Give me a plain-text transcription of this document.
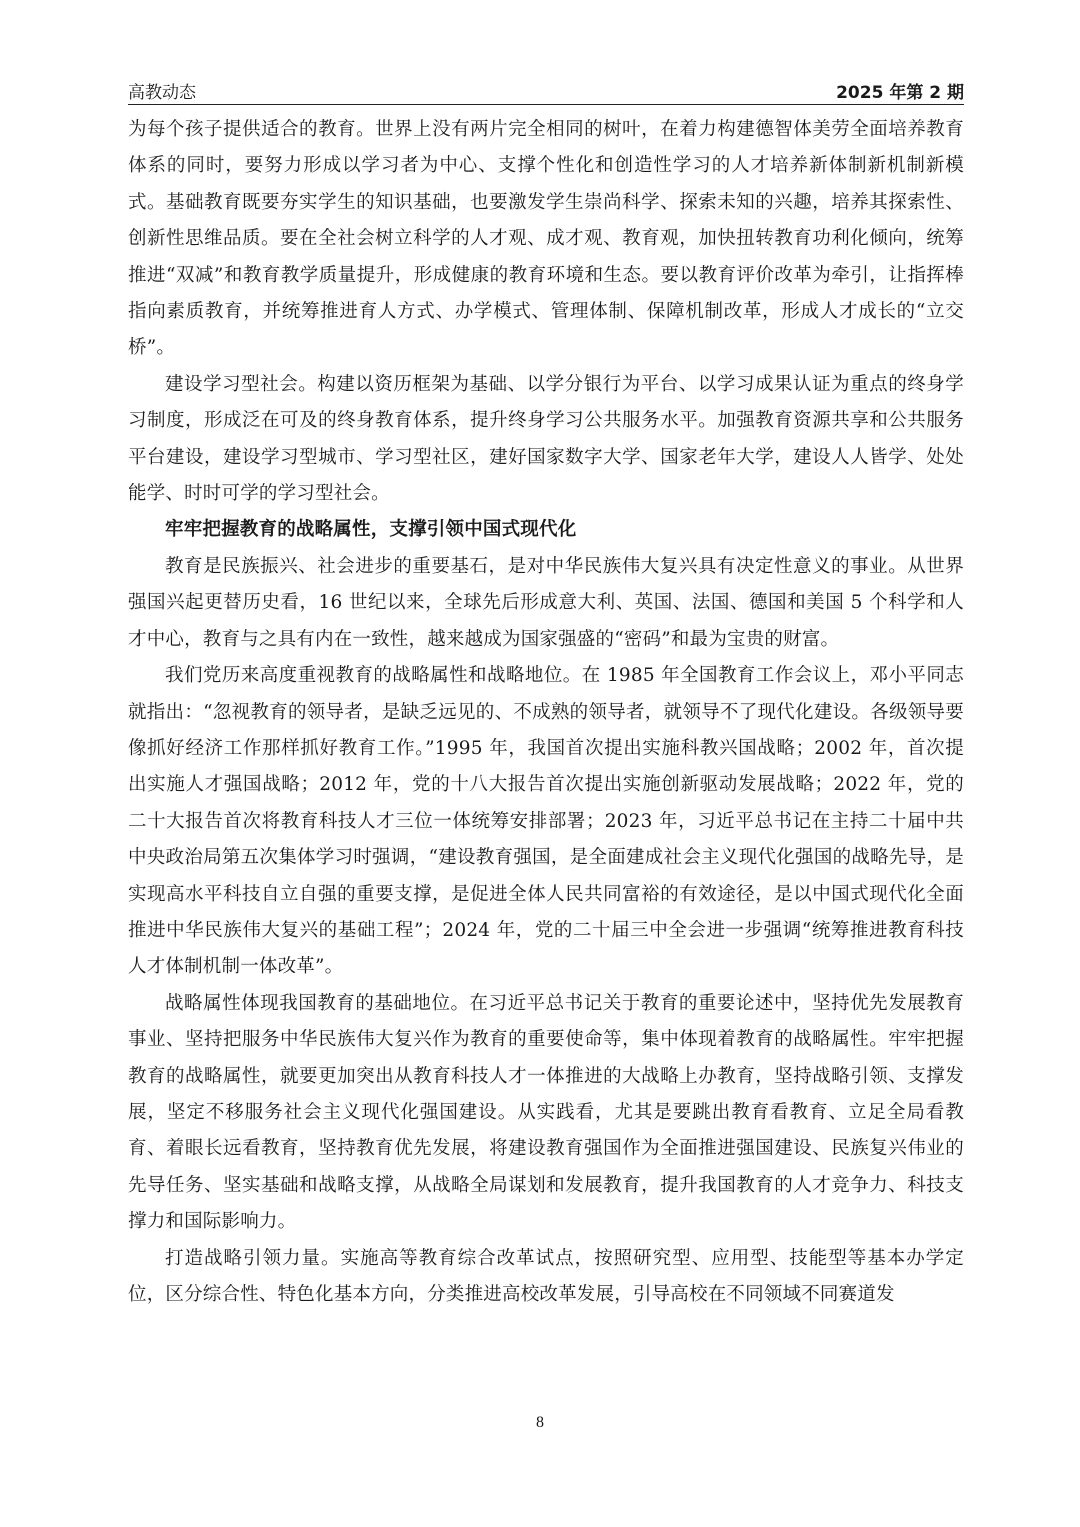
高教动态	2025 年第 2 期

为每个孩子提供适合的教育。世界上没有两片完全相同的树叶，在着力构建德智体美劳全面培养教育体系的同时，要努力形成以学习者为中心、支撑个性化和创造性学习的人才培养新体制新机制新模式。基础教育既要夯实学生的知识基础，也要激发学生崇尚科学、探索未知的兴趣，培养其探索性、创新性思维品质。要在全社会树立科学的人才观、成才观、教育观，加快扭转教育功利化倾向，统筹推进“双减”和教育教学质量提升，形成健康的教育环境和生态。要以教育评价改革为牵引，让指挥棒指向素质教育，并统筹推进育人方式、办学模式、管理体制、保障机制改革，形成人才成长的“立交桥”。

建设学习型社会。构建以资历框架为基础、以学分银行为平台、以学习成果认证为重点的终身学习制度，形成泛在可及的终身教育体系，提升终身学习公共服务水平。加强教育资源共享和公共服务平台建设，建设学习型城市、学习型社区，建好国家数字大学、国家老年大学，建设人人皆学、处处能学、时时可学的学习型社会。

牢牢把握教育的战略属性，支撑引领中国式现代化

教育是民族振兴、社会进步的重要基石，是对中华民族伟大复兴具有决定性意义的事业。从世界强国兴起更替历史看，16 世纪以来，全球先后形成意大利、英国、法国、德国和美国 5 个科学和人才中心，教育与之具有内在一致性，越来越成为国家强盛的“密码”和最为宝贵的财富。

我们党历来高度重视教育的战略属性和战略地位。在 1985 年全国教育工作会议上，邓小平同志就指出：“忽视教育的领导者，是缺乏远见的、不成熟的领导者，就领导不了现代化建设。各级领导要像抓好经济工作那样抓好教育工作。”1995 年，我国首次提出实施科教兴国战略；2002 年，首次提出实施人才强国战略；2012 年，党的十八大报告首次提出实施创新驱动发展战略；2022 年，党的二十大报告首次将教育科技人才三位一体统筹安排部署；2023 年，习近平总书记在主持二十届中共中央政治局第五次集体学习时强调，“建设教育强国，是全面建成社会主义现代化强国的战略先导，是实现高水平科技自立自强的重要支撑，是促进全体人民共同富裕的有效途径，是以中国式现代化全面推进中华民族伟大复兴的基础工程”；2024 年，党的二十届三中全会进一步强调“统筹推进教育科技人才体制机制一体改革”。

战略属性体现我国教育的基础地位。在习近平总书记关于教育的重要论述中，坚持优先发展教育事业、坚持把服务中华民族伟大复兴作为教育的重要使命等，集中体现着教育的战略属性。牢牢把握教育的战略属性，就要更加突出从教育科技人才一体推进的大战略上办教育，坚持战略引领、支撑发展，坚定不移服务社会主义现代化强国建设。从实践看，尤其是要跳出教育看教育、立足全局看教育、着眼长远看教育，坚持教育优先发展，将建设教育强国作为全面推进强国建设、民族复兴伟业的先导任务、坚实基础和战略支撑，从战略全局谋划和发展教育，提升我国教育的人才竞争力、科技支撑力和国际影响力。

打造战略引领力量。实施高等教育综合改革试点，按照研究型、应用型、技能型等基本办学定位，区分综合性、特色化基本方向，分类推进高校改革发展，引导高校在不同领域不同赛道发

8
